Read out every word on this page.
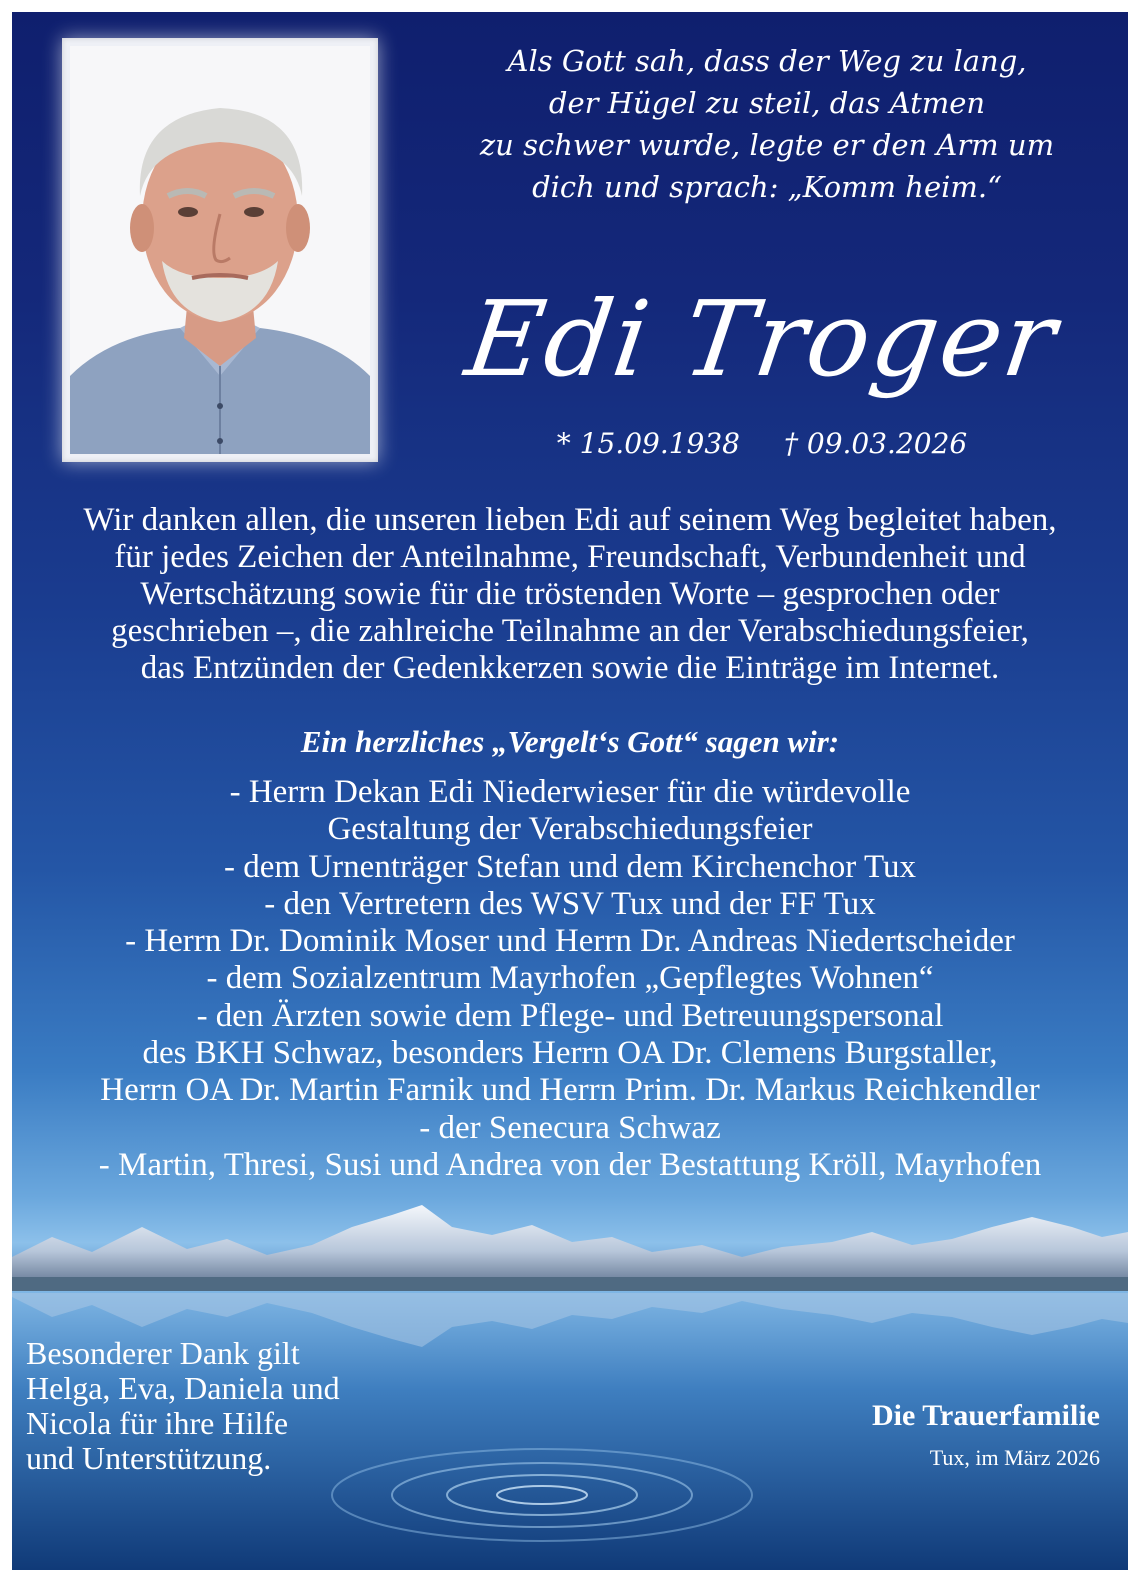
Als Gott sah, dass der Weg zu lang,
der Hügel zu steil, das Atmen
zu schwer wurde, legte er den Arm um
dich und sprach: „Komm heim.“
Edi Troger
* 15.09.1938 † 09.03.2026
Wir danken allen, die unseren lieben Edi auf seinem Weg begleitet haben,
für jedes Zeichen der Anteilnahme, Freundschaft, Verbundenheit und
Wertschätzung sowie für die tröstenden Worte – gesprochen oder
geschrieben –, die zahlreiche Teilnahme an der Verabschiedungsfeier,
das Entzünden der Gedenkkerzen sowie die Einträge im Internet.
Ein herzliches „Vergelt‘s Gott“ sagen wir:
- Herrn Dekan Edi Niederwieser für die würdevolle
Gestaltung der Verabschiedungsfeier
- dem Urnenträger Stefan und dem Kirchenchor Tux
- den Vertretern des WSV Tux und der FF Tux
- Herrn Dr. Dominik Moser und Herrn Dr. Andreas Niedertscheider
- dem Sozialzentrum Mayrhofen „Gepflegtes Wohnen“
- den Ärzten sowie dem Pflege- und Betreuungspersonal
des BKH Schwaz, besonders Herrn OA Dr. Clemens Burgstaller,
Herrn OA Dr. Martin Farnik und Herrn Prim. Dr. Markus Reichkendler
- der Senecura Schwaz
- Martin, Thresi, Susi und Andrea von der Bestattung Kröll, Mayrhofen
Besonderer Dank gilt
Helga, Eva, Daniela und
Nicola für ihre Hilfe
und Unterstützung.
Die Trauerfamilie
Tux, im März 2026
